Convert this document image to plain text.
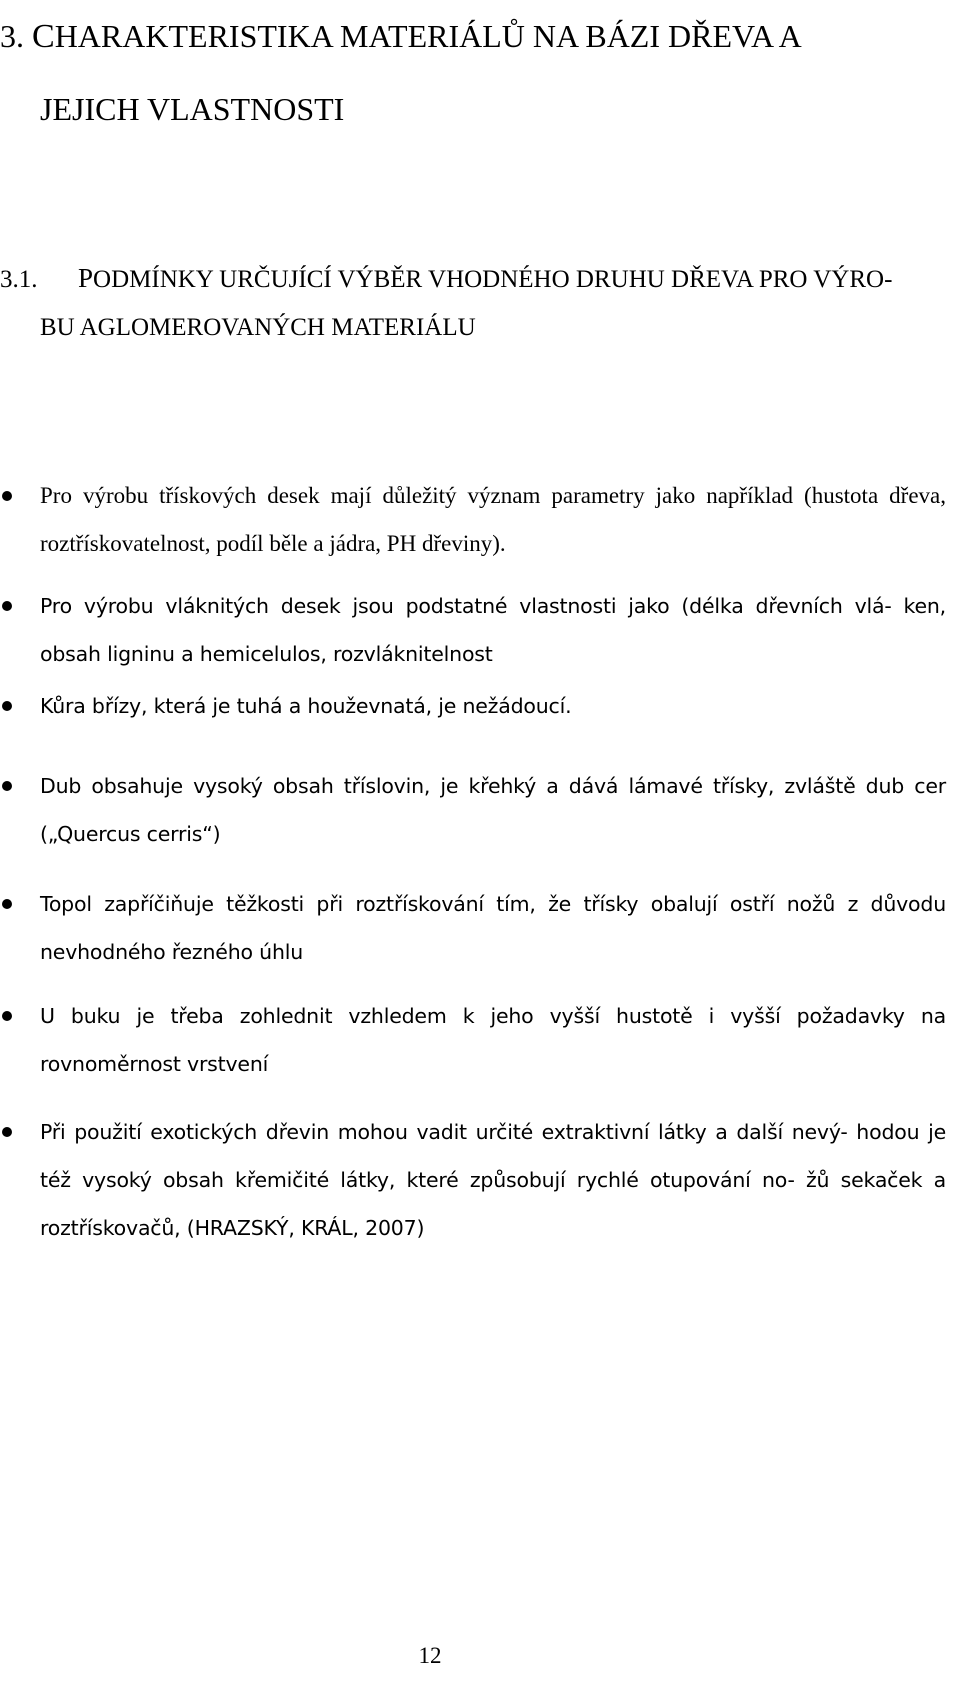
3. CHARAKTERISTIKA MATERIÁLŮ NA BÁZI DŘEVA A
JEJICH VLASTNOSTI
3.1. PODMÍNKY URČUJÍCÍ VÝBĚR VHODNÉHO DRUHU DŘEVA PRO VÝRO-
BU AGLOMEROVANÝCH MATERIÁLU
Pro výrobu třískových desek mají důležitý význam parametry jako například (hustota dřeva, roztřískovatelnost, podíl běle a jádra, PH dřeviny).
Pro výrobu vláknitých desek jsou podstatné vlastnosti jako (délka dřevních vlá- ken, obsah ligninu a hemicelulos, rozvláknitelnost
Kůra břízy, která je tuhá a houževnatá, je nežádoucí.
Dub obsahuje vysoký obsah tříslovin, je křehký a dává lámavé třísky, zvláště dub cer („Quercus cerris“)
Topol zapříčiňuje těžkosti při roztřískování tím, že třísky obalují ostří nožů z důvodu nevhodného řezného úhlu
U buku je třeba zohlednit vzhledem k jeho vyšší hustotě i vyšší požadavky na rovnoměrnost vrstvení
Při použití exotických dřevin mohou vadit určité extraktivní látky a další nevý- hodou je též vysoký obsah křemičité látky, které způsobují rychlé otupování no- žů sekaček a roztřískovačů, (HRAZSKÝ, KRÁL, 2007)
12
